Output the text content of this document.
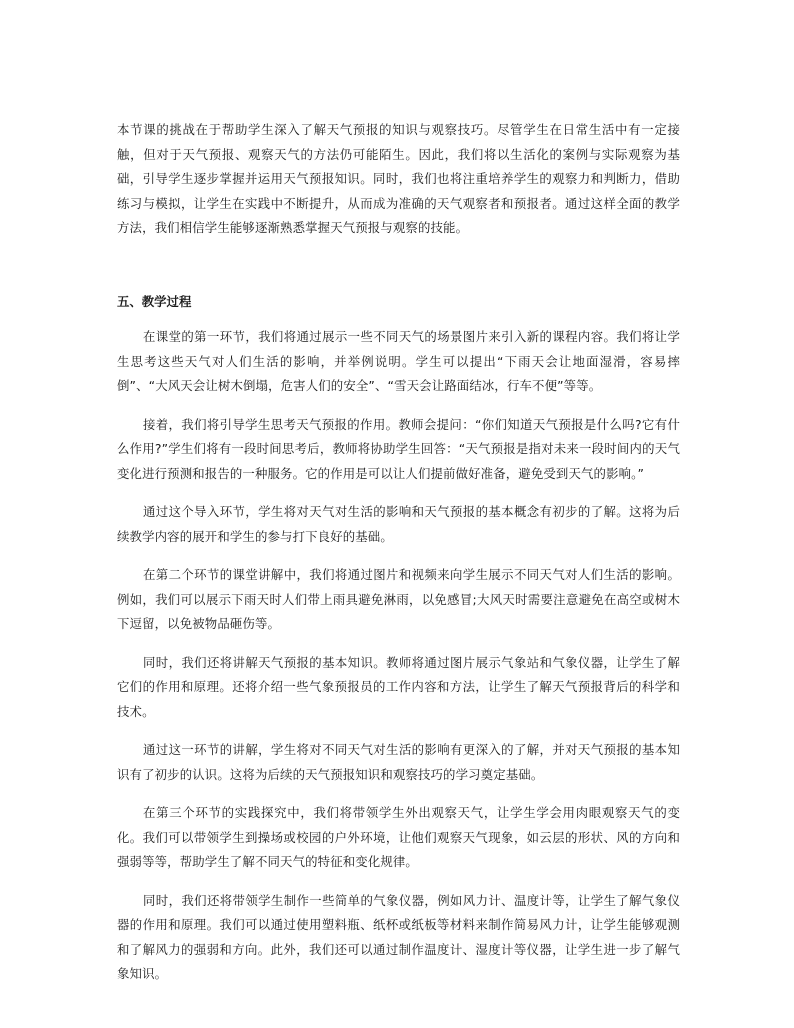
本节课的挑战在于帮助学生深入了解天气预报的知识与观察技巧。尽管学生在日常生活中有一定接触，但对于天气预报、观察天气的方法仍可能陌生。因此，我们将以生活化的案例与实际观察为基础，引导学生逐步掌握并运用天气预报知识。同时，我们也将注重培养学生的观察力和判断力，借助练习与模拟，让学生在实践中不断提升，从而成为准确的天气观察者和预报者。通过这样全面的教学方法，我们相信学生能够逐渐熟悉掌握天气预报与观察的技能。

五、教学过程

在课堂的第一环节，我们将通过展示一些不同天气的场景图片来引入新的课程内容。我们将让学生思考这些天气对人们生活的影响，并举例说明。学生可以提出“下雨天会让地面湿滑，容易摔倒”、“大风天会让树木倒塌，危害人们的安全”、“雪天会让路面结冰，行车不便”等等。

接着，我们将引导学生思考天气预报的作用。教师会提问：“你们知道天气预报是什么吗?它有什么作用?”学生们将有一段时间思考后，教师将协助学生回答：“天气预报是指对未来一段时间内的天气变化进行预测和报告的一种服务。它的作用是可以让人们提前做好准备，避免受到天气的影响。”

通过这个导入环节，学生将对天气对生活的影响和天气预报的基本概念有初步的了解。这将为后续教学内容的展开和学生的参与打下良好的基础。

在第二个环节的课堂讲解中，我们将通过图片和视频来向学生展示不同天气对人们生活的影响。例如，我们可以展示下雨天时人们带上雨具避免淋雨，以免感冒;大风天时需要注意避免在高空或树木下逗留，以免被物品砸伤等。

同时，我们还将讲解天气预报的基本知识。教师将通过图片展示气象站和气象仪器，让学生了解它们的作用和原理。还将介绍一些气象预报员的工作内容和方法，让学生了解天气预报背后的科学和技术。

通过这一环节的讲解，学生将对不同天气对生活的影响有更深入的了解，并对天气预报的基本知识有了初步的认识。这将为后续的天气预报知识和观察技巧的学习奠定基础。

在第三个环节的实践探究中，我们将带领学生外出观察天气，让学生学会用肉眼观察天气的变化。我们可以带领学生到操场或校园的户外环境，让他们观察天气现象，如云层的形状、风的方向和强弱等等，帮助学生了解不同天气的特征和变化规律。

同时，我们还将带领学生制作一些简单的气象仪器，例如风力计、温度计等，让学生了解气象仪器的作用和原理。我们可以通过使用塑料瓶、纸杯或纸板等材料来制作简易风力计，让学生能够观测和了解风力的强弱和方向。此外，我们还可以通过制作温度计、湿度计等仪器，让学生进一步了解气象知识。
